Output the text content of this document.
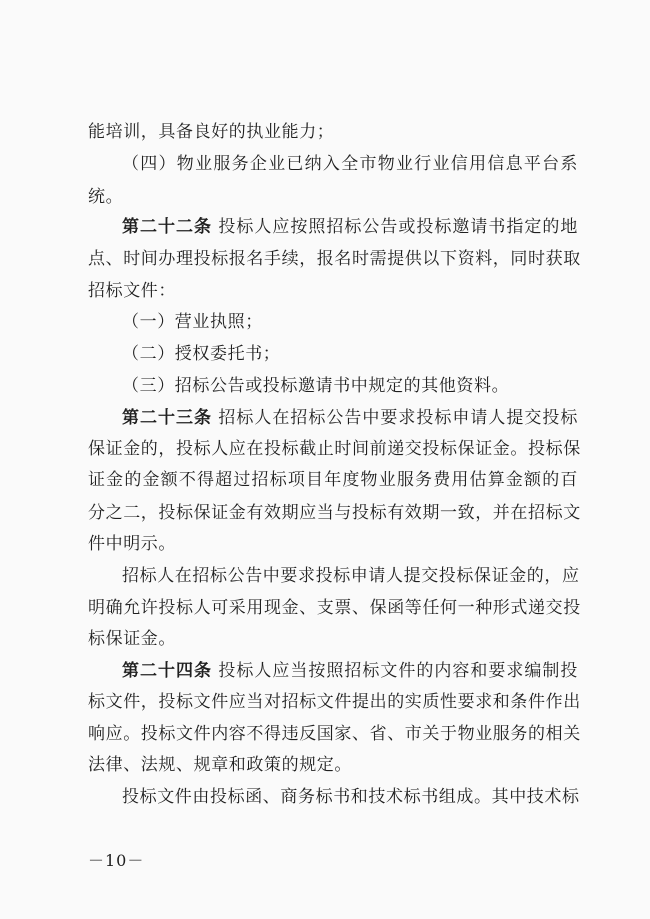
能培训，具备良好的执业能力；
（四）物业服务企业已纳入全市物业行业信用信息平台系
统。
第二十二条 投标人应按照招标公告或投标邀请书指定的地
点、时间办理投标报名手续，报名时需提供以下资料，同时获取
招标文件：
（一）营业执照；
（二）授权委托书；
（三）招标公告或投标邀请书中规定的其他资料。
第二十三条 招标人在招标公告中要求投标申请人提交投标
保证金的，投标人应在投标截止时间前递交投标保证金。投标保
证金的金额不得超过招标项目年度物业服务费用估算金额的百
分之二，投标保证金有效期应当与投标有效期一致，并在招标文
件中明示。
招标人在招标公告中要求投标申请人提交投标保证金的，应
明确允许投标人可采用现金、支票、保函等任何一种形式递交投
标保证金。
第二十四条 投标人应当按照招标文件的内容和要求编制投
标文件，投标文件应当对招标文件提出的实质性要求和条件作出
响应。投标文件内容不得违反国家、省、市关于物业服务的相关
法律、法规、规章和政策的规定。
投标文件由投标函、商务标书和技术标书组成。其中技术标
－10－
